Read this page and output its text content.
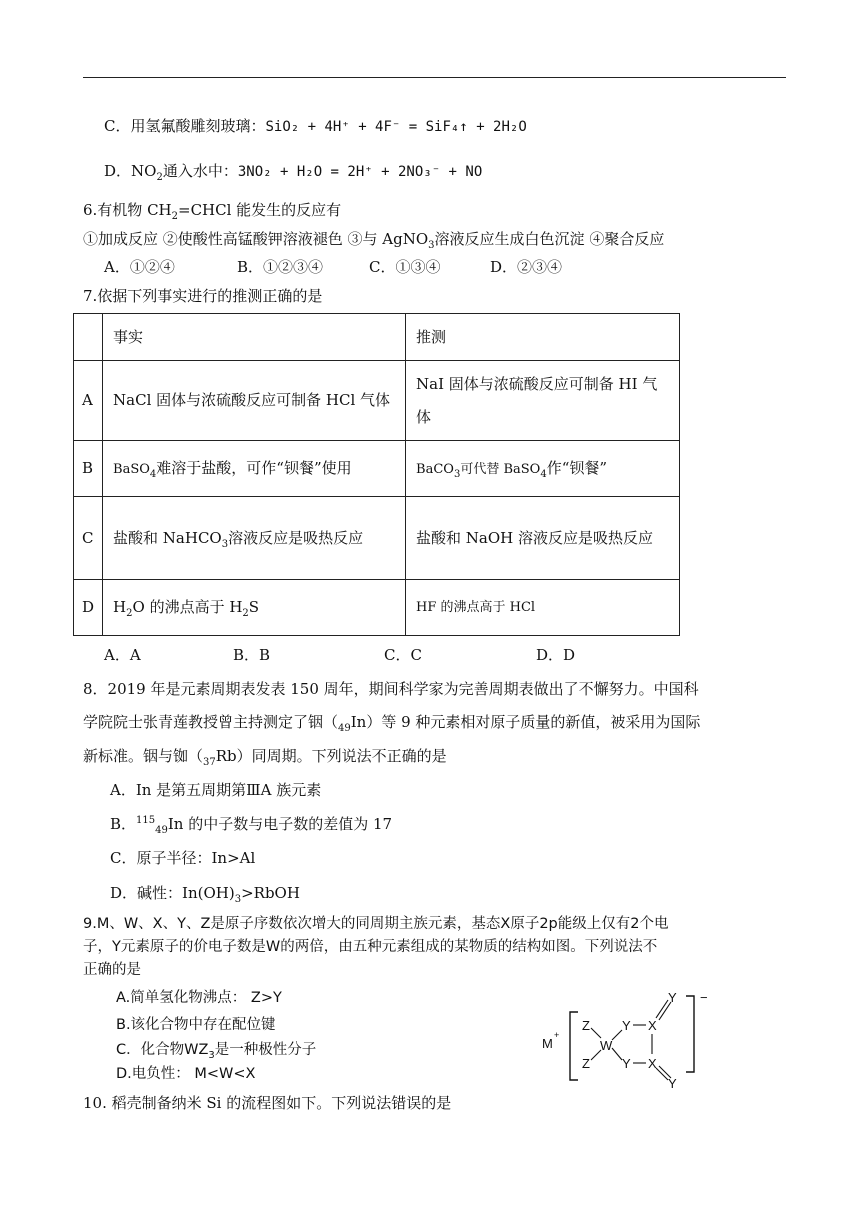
C．用氢氟酸雕刻玻璃：SiO₂ + 4H⁺ + 4F⁻ = SiF₄↑ + 2H₂O
D．$NO_2$通入水中：3NO₂ + H₂O = 2H⁺ + 2NO₃⁻ + NO
6.有机物 $CH_2=CHCl$ 能发生的反应有
①加成反应 ②使酸性高锰酸钾溶液褪色 ③与 AgNO$_3$溶液反应生成白色沉淀 ④聚合反应
A．①②④	B．①②③④	C．①③④	D．②③④
7.依据下列事实进行的推测正确的是
	事实	推测
A	NaCl 固体与浓硫酸反应可制备 HCl 气体	NaI 固体与浓硫酸反应可制备 HI 气体

B	BaSO$_4$难溶于盐酸，可作“钡餐”使用	BaCO$_3$可代替 BaSO$_4$作“钡餐”
C	盐酸和 NaHCO$_3$溶液反应是吸热反应	盐酸和 NaOH 溶液反应是吸热反应

D	$H_2O$ 的沸点高于 $H_2S$	HF 的沸点高于 HCl
A．A	B．B	C．C	D．D
8．2019 年是元素周期表发表 150 周年，期间科学家为完善周期表做出了不懈努力。中国科
学院院士张青莲教授曾主持测定了铟$(_{49}In)$等 9 种元素相对原子质量的新值，被采用为国际
新标准。铟与铷$(_{37}Rb)$同周期。下列说法不正确的是
A．In 是第五周期第ⅢA 族元素
B．$^{115}_{49}$In 的中子数与电子数的差值为 17
C．原子半径：In>Al
D．碱性：$In(OH)_3>RbOH$
9.M、W、X、Y、Z是原子序数依次增大的同周期主族元素，基态X原子2p能级上仅有2个电
子，Y元素原子的价电子数是W的两倍，由五种元素组成的某物质的结构如图。下列说法不
正确的是
A.简单氢化物沸点： Z>Y
B.该化合物中存在配位键
C．化合物$WZ_3$是一种极性分子
D.电负性： M<W<X
M
+
−
Z
Z
W
Y
Y
X
X
Y
Y
10. 稻壳制备纳米 Si 的流程图如下。下列说法错误的是
